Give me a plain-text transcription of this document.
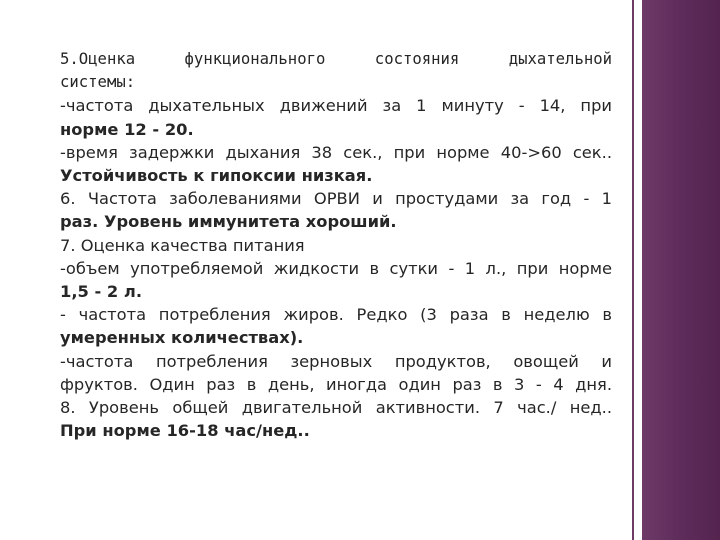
5.Оценка функционального состояния дыхательной
системы:
-частота дыхательных движений за 1 минуту - 14, при
норме 12 - 20.
-время задержки дыхания 38 сек., при норме 40->60 сек..
Устойчивость к гипоксии низкая.
6. Частота заболеваниями ОРВИ и простудами за год - 1
раз. Уровень иммунитета хороший.
7. Оценка качества питания
-объем употребляемой жидкости в сутки - 1 л., при норме
1,5 - 2 л.
- частота потребления жиров. Редко (3 раза в неделю в
умеренных количествах).
-частота потребления зерновых продуктов, овощей и
фруктов. Один раз в день, иногда один раз в 3 - 4 дня.
8. Уровень общей двигательной активности. 7 час./ нед..
При норме 16-18 час/нед..
